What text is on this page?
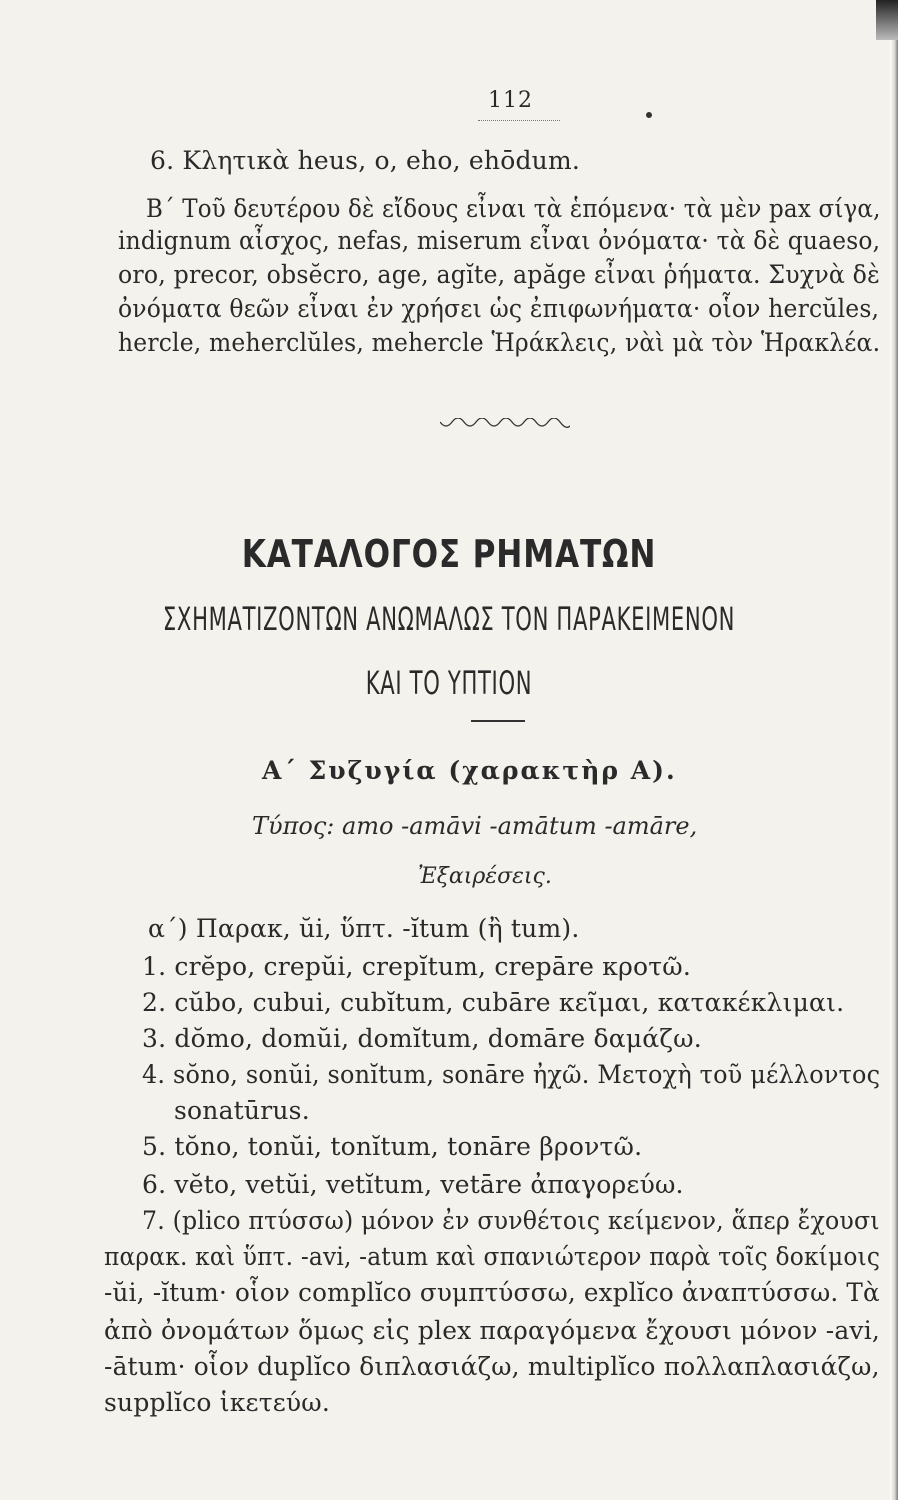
112
6. Κλητικὰ heus, o, eho, ehōdum.
Β΄ Τοῦ δευτέρου δὲ εἴδους εἶναι τὰ ἑπόμενα· τὰ μὲν pax σίγα,
indignum αἶσχος, nefas, miserum εἶναι ὀνόματα· τὰ δὲ quaeso,
oro, precor, obsĕcro, age, agĭte, apăge εἶναι ῥήματα. Συχνὰ δὲ
ὀνόματα θεῶν εἶναι ἐν χρήσει ὡς ἐπιφωνήματα· οἷον hercŭles,
hercle, meherclŭles, mehercle Ἡράκλεις, νὰὶ μὰ τὸν Ἡρακλέα.
ΚΑΤΑΛΟΓΟΣ ΡΗΜΑΤΩΝ
ΣΧΗΜΑΤΙΖΟΝΤΩΝ ΑΝΩΜΑΛΩΣ ΤΟΝ ΠΑΡΑΚΕΙΜΕΝΟΝ
ΚΑΙ ΤΟ ΥΠΤΙΟΝ
Α΄ Συζυγία (χαρακτὴρ Α).
Τύπος: amo -amāvi -amātum -amāre,
Ἐξαιρέσεις.
α΄) Παρακ, ŭi, ὕπτ. -ĭtum (ἢ tum).
1. crĕpo, crepŭi, crepĭtum, crepāre κροτῶ.
2. cŭbo, cubui, cubĭtum, cubāre κεῖμαι, κατακέκλιμαι.
3. dŏmo, domŭi, domĭtum, domāre δαμάζω.
4. sŏno, sonŭi, sonĭtum, sonāre ἠχῶ. Μετοχὴ τοῦ μέλλοντος
sonatūrus.
5. tŏno, tonŭi, tonĭtum, tonāre βροντῶ.
6. vĕto, vetŭi, vetĭtum, vetāre ἀπαγορεύω.
7. (plico πτύσσω) μόνον ἐν συνθέτοις κείμενον, ἅπερ ἔχουσι
παρακ. καὶ ὕπτ. -avi, -atum καὶ σπανιώτερον παρὰ τοῖς δοκίμοις
-ŭi, -ĭtum· οἷον complĭco συμπτύσσω, explĭco ἀναπτύσσω. Τὰ
ἀπὸ ὀνομάτων ὅμως εἰς plex παραγόμενα ἔχουσι μόνον -avi,
-ātum· οἷον duplĭco διπλασιάζω, multiplĭco πολλαπλασιάζω,
supplĭco ἱκετεύω.
